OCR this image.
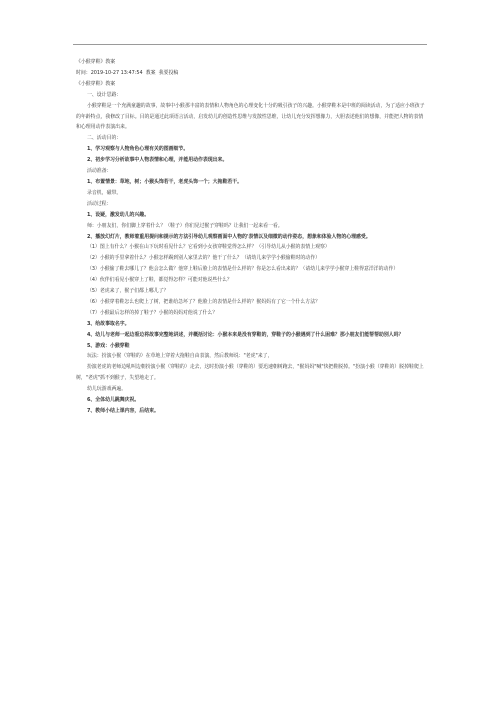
《小猴穿鞋》教案
时间：2019-10-27 13:47:54 教案 我要投稿
《小猴穿鞋》教案
一、设计思路：
小猴穿鞋是一个充满童趣的故事，故事中小猴那丰富的表情和人物角色的心理变化十分的吸引孩子的兴趣。小猴穿鞋本是中班的阅读活动，为了适应小班孩子的年龄特点，我修改了目标。目的是通过此项语言活动，启发幼儿的创造性思维与发散性思维，让幼儿充分发挥想像力，大胆表述他们的想像，并能把人物的表情和心理用动作表演出来。
二、活动目的：
1、学习观察与人物角色心理有关的图画细节。
2、初步学习分析故事中人物表情和心理，并能用动作表现出来。
活动准备：
1、布置情景：草地，树；小猴头饰若干，老虎头饰一个；大拖鞋若干。
录音机，磁带。
活动过程：
1、设疑，激发幼儿的兴趣。
师：小朋友们，你们脚上穿着什么？（鞋子）你们见过猴子穿鞋吗？让我们一起来看一看。
2、播放幻灯片，教师着重用提问和提示的方法引导幼儿观察画面中人物的'表情以及细微的动作姿态，想象和体验人物的心理感受。
（1）图上有什么？小猴在山下玩时看见什么？它看到小女孩穿鞋觉得怎么样？（引导幼儿从小猴的表情上观察）
（2）小猴的手里拿着什么？小猴怎样踢到别人家里去的？他干了什么？（请幼儿来学学小猴偷鞋时的动作）
（3）小猴偷了鞋去哪儿了？他会怎么做？他穿上鞋后脸上的表情是什么样的？你是怎么看出来的？（请幼儿来学学小猴穿上鞋得意洋洋的动作）
（4）伙伴们看见小猴穿上了鞋，都觉得怎样？可能对他说些什么？
（5）老虎来了，猴子们都上哪儿了？
（6）小猴穿着鞋怎么也爬上了树，把谁给急坏了？他脸上的表情是什么样的？猴妈妈有了它一个什么方法？
（7）小猴最后怎样的掉了鞋子？小猴的妈妈对他说了什么？
3、给故事取名字。
4、幼儿与老师一起边看边将故事完整地讲述，并概括讨论：小猴本来是没有穿鞋的，穿鞋子的小猴遇到了什么困难？那小朋友们能帮帮助别人吗？
5、游戏：小猴穿鞋
玩法：扮演小猴（穿鞋的）在草地上穿着大拖鞋自由表演，然后教师说："老虎"来了，
扮演老虎的老师边吼叫边朝扮演小猴（穿鞋的）走去，这时扮演小猴（穿鞋的）要迅速朝树跑去，"猴妈妈"喊"快把鞋脱掉。"扮演小猴（穿鞋的）脱掉鞋爬上树，"老虎"抓不到猴子，失望地走了。
幼儿玩游戏两遍。
6、全体幼儿跳舞庆祝。
7、教师小结上课内容，后结束。
